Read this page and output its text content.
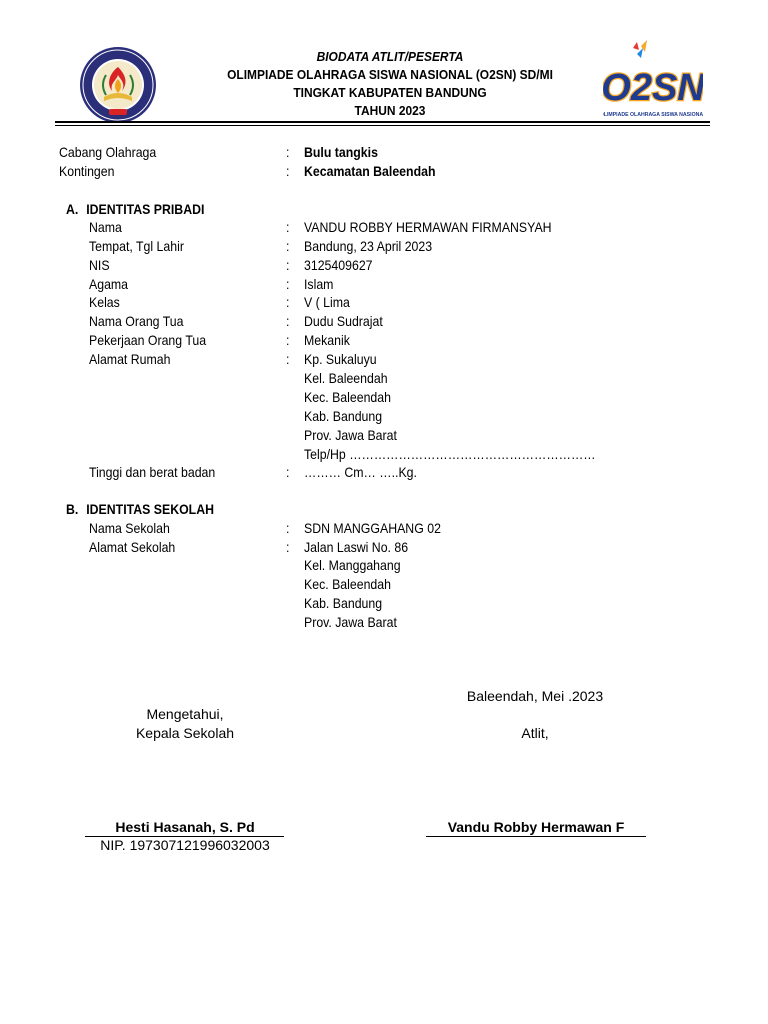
BIODATA ATLIT/PESERTA
OLIMPIADE OLAHRAGA SISWA NASIONAL (O2SN) SD/MI
TINGKAT KABUPATEN BANDUNG
TAHUN 2023
O2SN
OLIMPIADE OLAHRAGA SISWA NASIONAL
Cabang Olahraga	: Bulu tangkis
Kontingen	: Kecamatan Baleendah
A. IDENTITAS PRIBADI
Nama	: VANDU ROBBY HERMAWAN FIRMANSYAH
Tempat, Tgl Lahir	: Bandung, 23 April 2023
NIS	: 3125409627
Agama	: Islam
Kelas	: V ( Lima
Nama Orang Tua	: Dudu Sudrajat
Pekerjaan Orang Tua	: Mekanik
Alamat Rumah	: Kp. Sukaluyu
Kel. Baleendah
Kec. Baleendah
Kab. Bandung
Prov. Jawa Barat
Telp/Hp ……………………………………………………
Tinggi dan berat badan	: ……… Cm… …..Kg.
B. IDENTITAS SEKOLAH
Nama Sekolah	: SDN MANGGAHANG 02
Alamat Sekolah	: Jalan Laswi No. 86
Kel. Manggahang
Kec. Baleendah
Kab. Bandung
Prov. Jawa Barat
Baleendah, Mei .2023
Mengetahui,
Kepala Sekolah	Atlit,
Hesti Hasanah, S. Pd
NIP. 197307121996032003
Vandu Robby Hermawan F
